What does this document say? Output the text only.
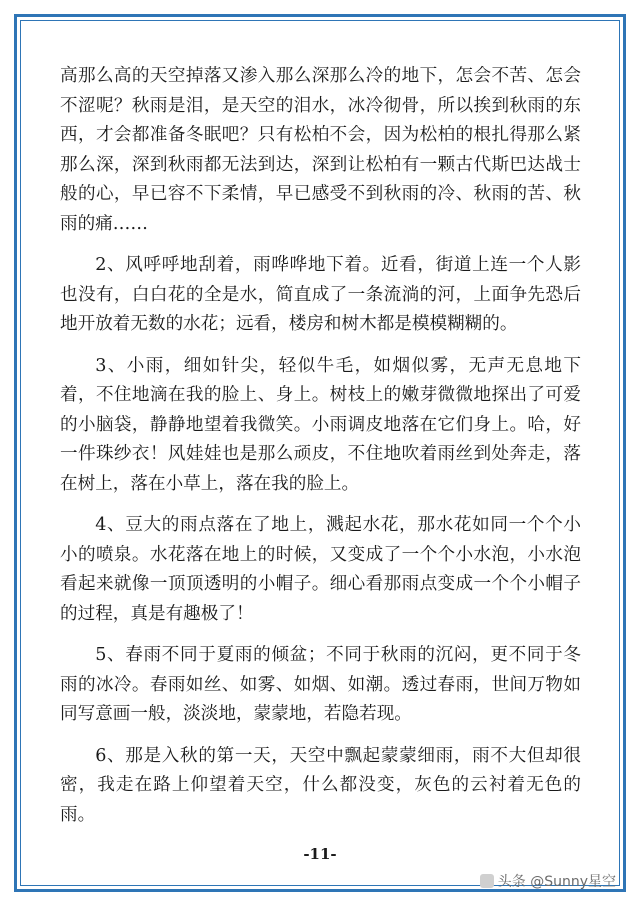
高那么高的天空掉落又渗入那么深那么冷的地下，怎会不苦、怎会不涩呢？秋雨是泪，是天空的泪水，冰冷彻骨，所以挨到秋雨的东西，才会都准备冬眠吧？只有松柏不会，因为松柏的根扎得那么紧那么深，深到秋雨都无法到达，深到让松柏有一颗古代斯巴达战士般的心，早已容不下柔情，早已感受不到秋雨的冷、秋雨的苦、秋雨的痛……

2、风呼呼地刮着，雨哗哗地下着。近看，街道上连一个人影也没有，白白花的全是水，简直成了一条流淌的河，上面争先恐后地开放着无数的水花；远看，楼房和树木都是模模糊糊的。

3、小雨，细如针尖，轻似牛毛，如烟似雾，无声无息地下着，不住地滴在我的脸上、身上。树枝上的嫩芽微微地探出了可爱的小脑袋，静静地望着我微笑。小雨调皮地落在它们身上。哈，好一件珠纱衣！风娃娃也是那么顽皮，不住地吹着雨丝到处奔走，落在树上，落在小草上，落在我的脸上。

4、豆大的雨点落在了地上，溅起水花，那水花如同一个个小小的喷泉。水花落在地上的时候，又变成了一个个小水泡，小水泡看起来就像一顶顶透明的小帽子。细心看那雨点变成一个个小帽子的过程，真是有趣极了！

5、春雨不同于夏雨的倾盆；不同于秋雨的沉闷，更不同于冬雨的冰冷。春雨如丝、如雾、如烟、如潮。透过春雨，世间万物如同写意画一般，淡淡地，蒙蒙地，若隐若现。

6、那是入秋的第一天，天空中飘起蒙蒙细雨，雨不大但却很密，我走在路上仰望着天空，什么都没变，灰色的云衬着无色的雨。

-11-
头条 @Sunny星空
